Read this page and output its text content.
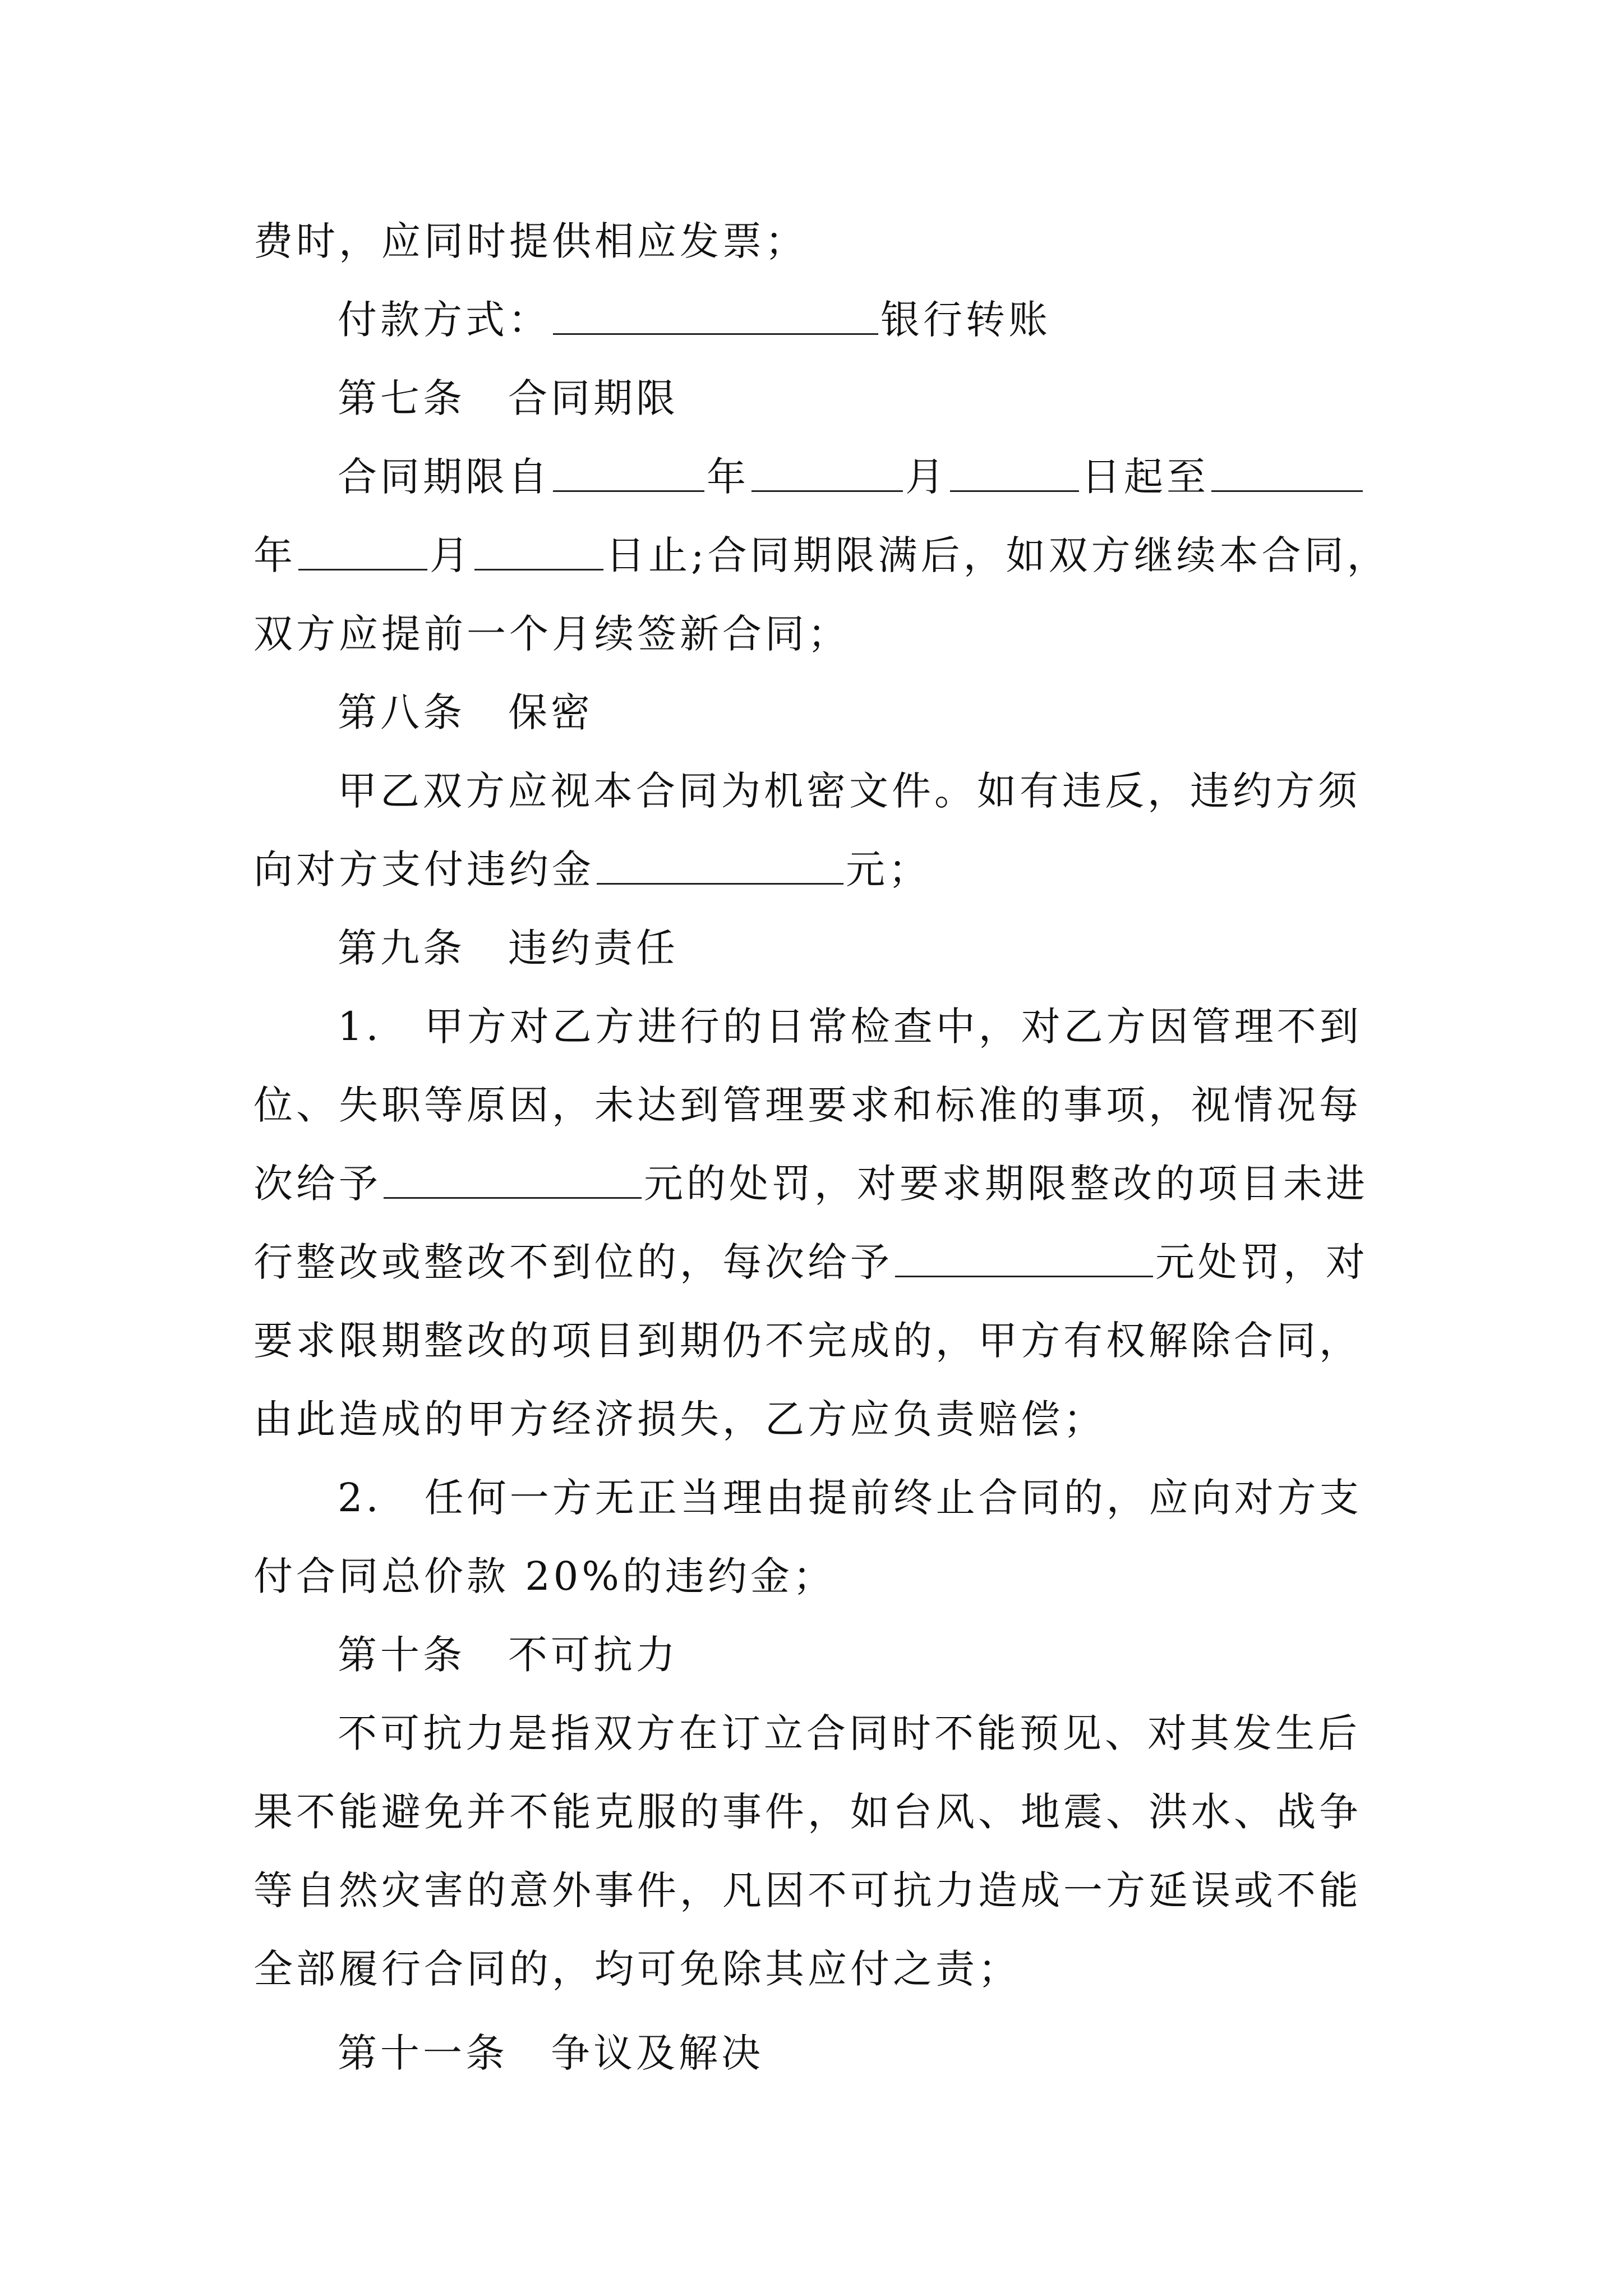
费时，应同时提供相应发票；
付款方式：	银行转账
第七条　合同期限
合同期限自	年	月	日起至
年	月	日止;合同期限满后，如双方继续本合同，
双方应提前一个月续签新合同；
第八条　保密
甲乙双方应视本合同为机密文件。如有违反，违约方须
向对方支付违约金	元；
第九条　违约责任
1.　甲方对乙方进行的日常检查中，对乙方因管理不到
位、失职等原因，未达到管理要求和标准的事项，视情况每
次给予	元的处罚，对要求期限整改的项目未进
行整改或整改不到位的，每次给予	元处罚，对
要求限期整改的项目到期仍不完成的，甲方有权解除合同，
由此造成的甲方经济损失，乙方应负责赔偿；
2.　任何一方无正当理由提前终止合同的，应向对方支
付合同总价款 20%的违约金；
第十条　不可抗力
不可抗力是指双方在订立合同时不能预见、对其发生后
果不能避免并不能克服的事件，如台风、地震、洪水、战争
等自然灾害的意外事件，凡因不可抗力造成一方延误或不能
全部履行合同的，均可免除其应付之责；
第十一条　争议及解决
